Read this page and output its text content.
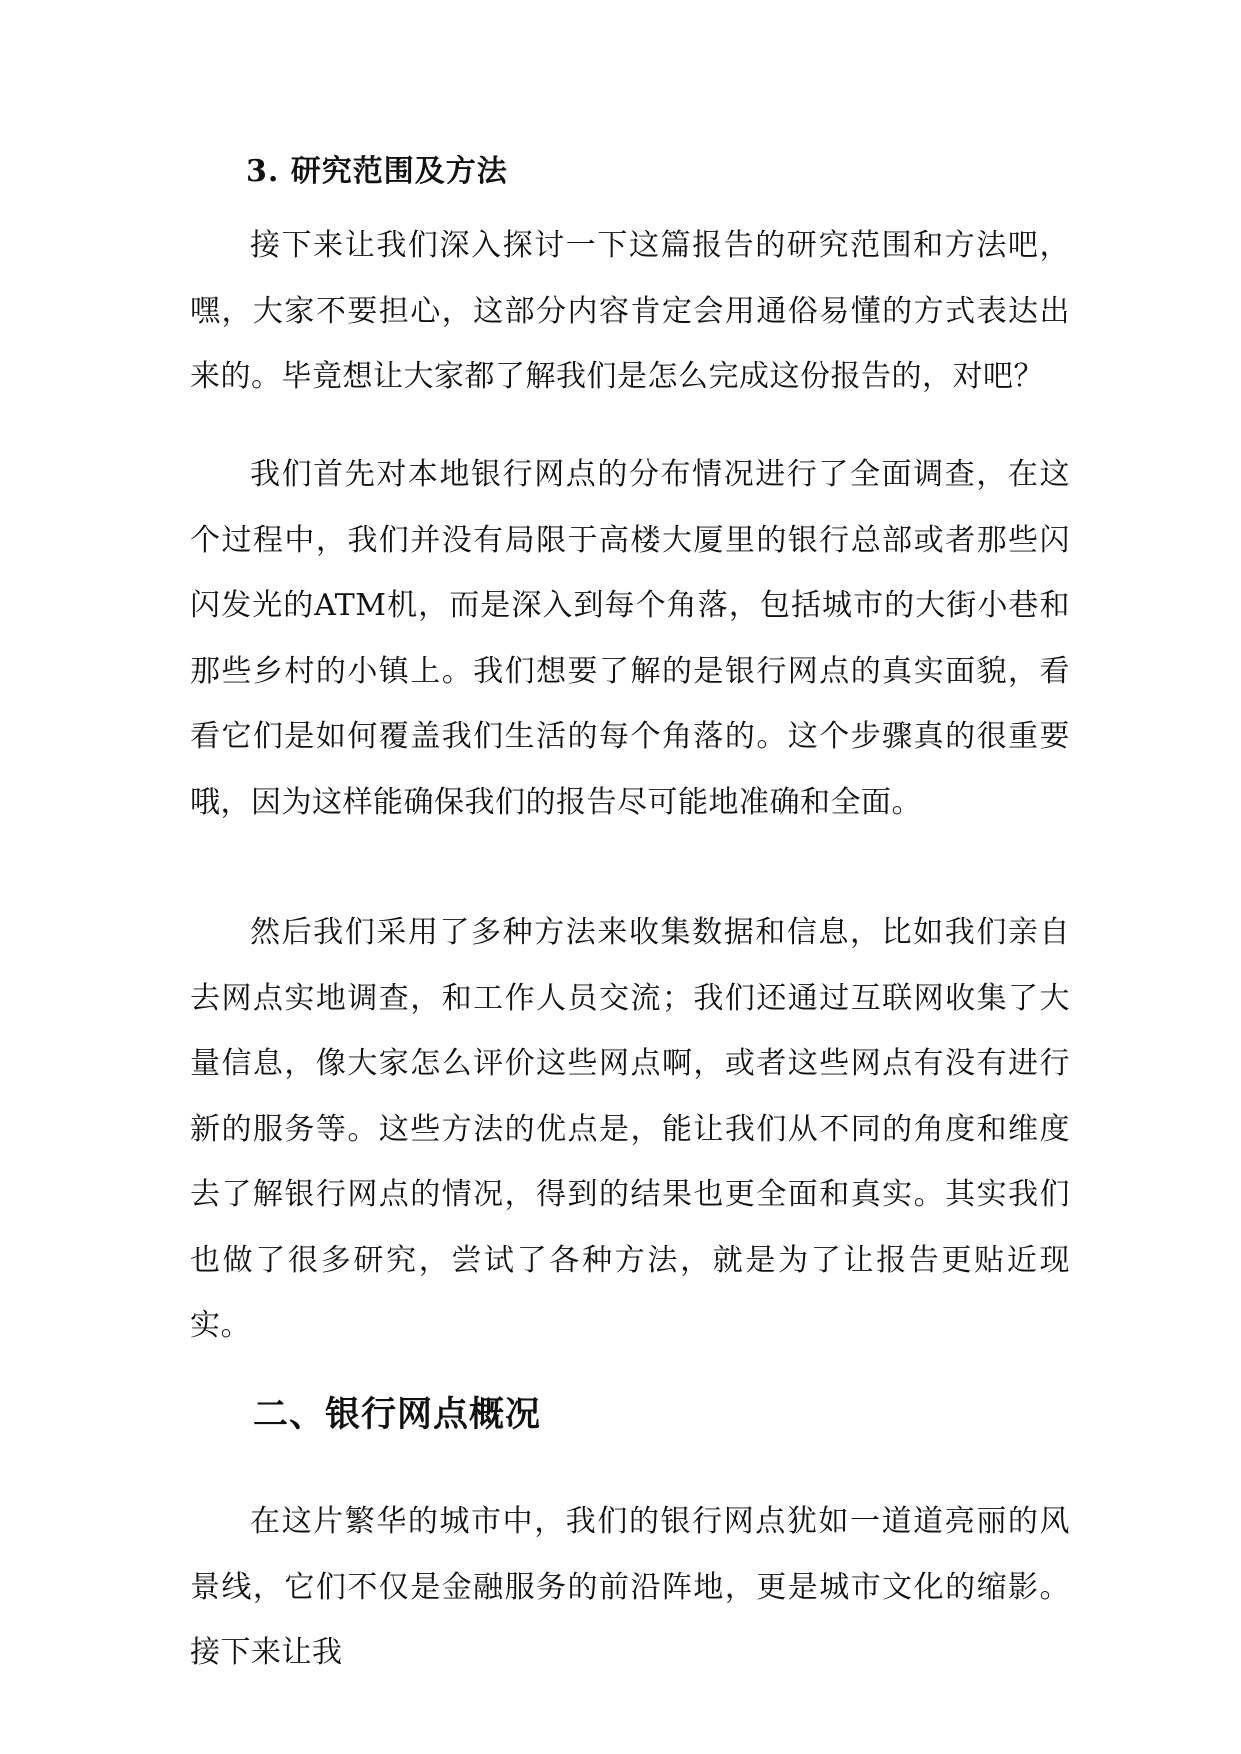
3. 研究范围及方法

接下来让我们深入探讨一下这篇报告的研究范围和方法吧，嘿，大家不要担心，这部分内容肯定会用通俗易懂的方式表达出来的。毕竟想让大家都了解我们是怎么完成这份报告的，对吧？

我们首先对本地银行网点的分布情况进行了全面调查，在这个过程中，我们并没有局限于高楼大厦里的银行总部或者那些闪闪发光的ATM机，而是深入到每个角落，包括城市的大街小巷和那些乡村的小镇上。我们想要了解的是银行网点的真实面貌，看看它们是如何覆盖我们生活的每个角落的。这个步骤真的很重要哦，因为这样能确保我们的报告尽可能地准确和全面。

然后我们采用了多种方法来收集数据和信息，比如我们亲自去网点实地调查，和工作人员交流；我们还通过互联网收集了大量信息，像大家怎么评价这些网点啊，或者这些网点有没有进行新的服务等。这些方法的优点是，能让我们从不同的角度和维度去了解银行网点的情况，得到的结果也更全面和真实。其实我们也做了很多研究，尝试了各种方法，就是为了让报告更贴近现实。

二、银行网点概况

在这片繁华的城市中，我们的银行网点犹如一道道亮丽的风景线，它们不仅是金融服务的前沿阵地，更是城市文化的缩影。接下来让我
